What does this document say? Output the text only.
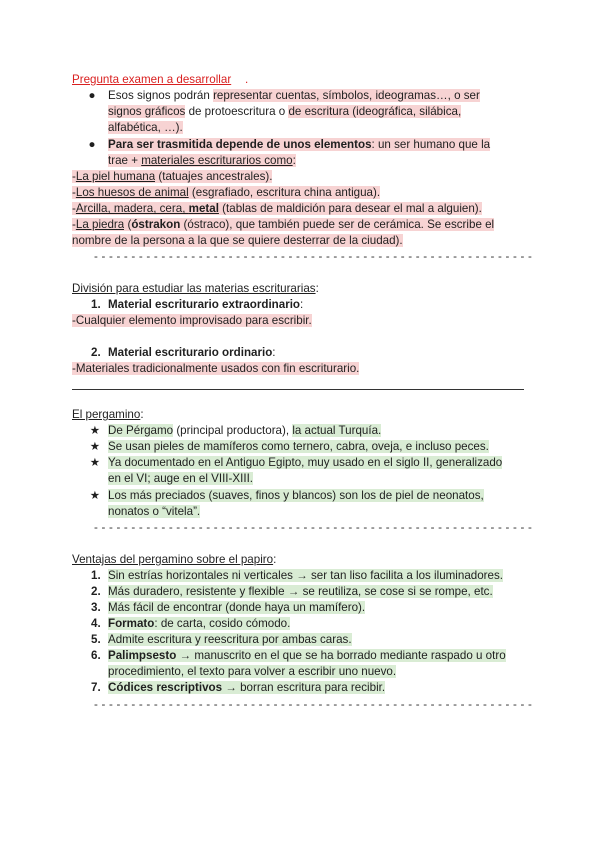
Pregunta examen a desarrollar .
● Esos signos podrán representar cuentas, símbolos, ideogramas…, o ser
signos gráficos de protoescritura o de escritura (ideográfica, silábica,
alfabética, …).
● Para ser trasmitida depende de unos elementos: un ser humano que la
trae + materiales escriturarios como:
-La piel humana (tatuajes ancestrales).
-Los huesos de animal (esgrafiado, escritura china antigua).
-Arcilla, madera, cera, metal (tablas de maldición para desear el mal a alguien).
-La piedra (óstrakon (óstraco), que también puede ser de cerámica. Se escribe el
nombre de la persona a la que se quiere desterrar de la ciudad).
- - - - - - - - - - - - - - - - - - - - - - - - - - - - - - - - - - - - - - - - - - - - - - - - - - - - - - - - - - -
División para estudiar las materias escriturarias:
1. Material escriturario extraordinario:
-Cualquier elemento improvisado para escribir.
2. Material escriturario ordinario:
-Materiales tradicionalmente usados con fin escriturario.
El pergamino:
★ De Pérgamo (principal productora), la actual Turquía.
★ Se usan pieles de mamíferos como ternero, cabra, oveja, e incluso peces.
★ Ya documentado en el Antiguo Egipto, muy usado en el siglo II, generalizado
en el VI; auge en el VIII-XIII.
★ Los más preciados (suaves, finos y blancos) son los de piel de neonatos,
nonatos o “vitela”.
- - - - - - - - - - - - - - - - - - - - - - - - - - - - - - - - - - - - - - - - - - - - - - - - - - - - - - - - - - -
Ventajas del pergamino sobre el papiro:
1. Sin estrías horizontales ni verticales → ser tan liso facilita a los iluminadores.
2. Más duradero, resistente y flexible → se reutiliza, se cose si se rompe, etc.
3. Más fácil de encontrar (donde haya un mamífero).
4. Formato: de carta, cosido cómodo.
5. Admite escritura y reescritura por ambas caras.
6. Palimpsesto → manuscrito en el que se ha borrado mediante raspado u otro
procedimiento, el texto para volver a escribir uno nuevo.
7. Códices rescriptivos → borran escritura para recibir.
- - - - - - - - - - - - - - - - - - - - - - - - - - - - - - - - - - - - - - - - - - - - - - - - - - - - - - - - - - -
